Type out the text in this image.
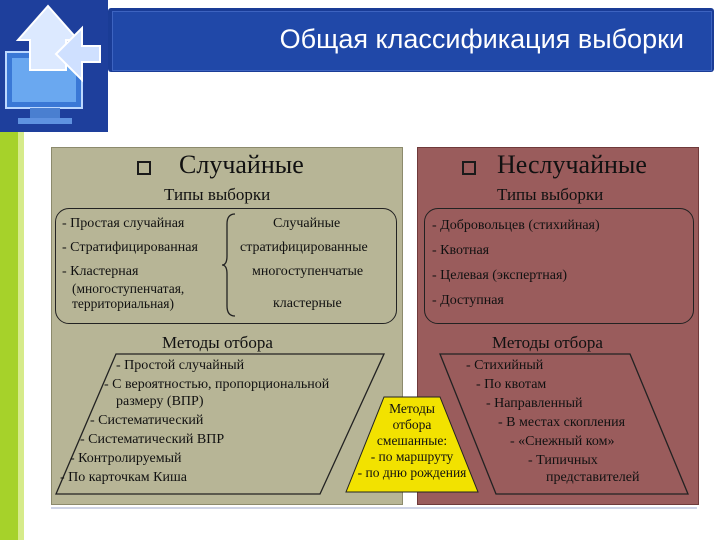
Общая классификация выборки
Случайные
Типы выборки
- Простая случайная
- Стратифицированная
- Кластерная
(многоступенчатая,
территориальная)
Случайные
стратифицированные
многоступенчатые
кластерные
Методы отбора
- Простой случайный
- С вероятностью, пропорциональной
размеру (ВПР)
- Систематический
- Систематический ВПР
- Контролируемый
- По карточкам Киша
Неслучайные
Типы выборки
- Добровольцев (стихийная)
- Квотная
- Целевая (экспертная)
- Доступная
Методы отбора
- Стихийный
- По квотам
- Направленный
- В местах скопления
- «Снежный ком»
- Типичных
представителей
Методы
отбора
смешанные:
- по маршруту
- по дню рождения
